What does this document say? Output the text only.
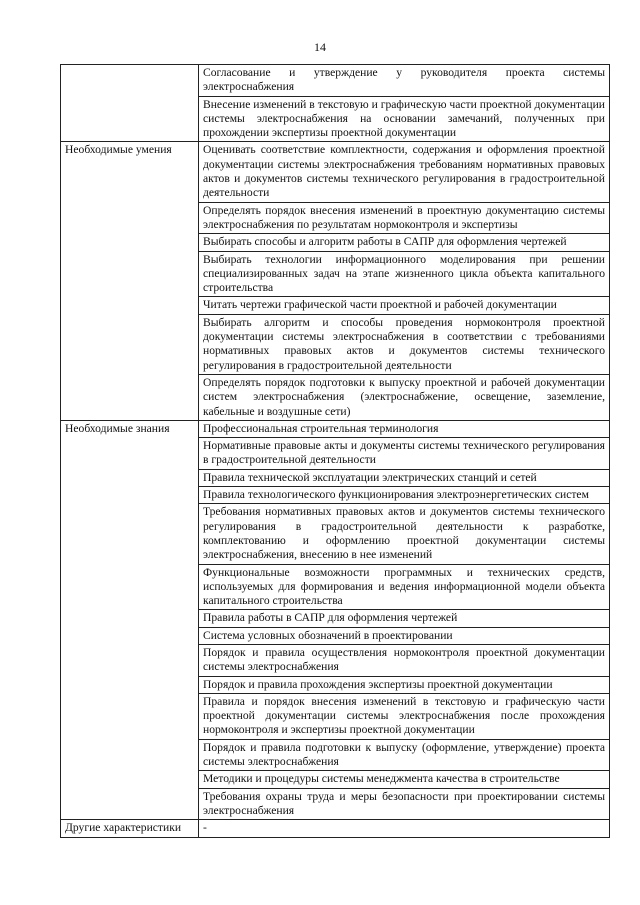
14
	Согласование и утверждение у руководителя проекта системы электроснабжения
	Внесение изменений в текстовую и графическую части проектной документации системы электроснабжения на основании замечаний, полученных при прохождении экспертизы проектной документации
Необходимые умения	Оценивать соответствие комплектности, содержания и оформления проектной документации системы электроснабжения требованиям нормативных правовых актов и документов системы технического регулирования в градостроительной деятельности
	Определять порядок внесения изменений в проектную документацию системы электроснабжения по результатам нормоконтроля и экспертизы
	Выбирать способы и алгоритм работы в САПР для оформления чертежей
	Выбирать технологии информационного моделирования при решении специализированных задач на этапе жизненного цикла объекта капитального строительства
	Читать чертежи графической части проектной и рабочей документации
	Выбирать алгоритм и способы проведения нормоконтроля проектной документации системы электроснабжения в соответствии с требованиями нормативных правовых актов и документов системы технического регулирования в градостроительной деятельности
	Определять порядок подготовки к выпуску проектной и рабочей документации систем электроснабжения (электроснабжение, освещение, заземление, кабельные и воздушные сети)
Необходимые знания	Профессиональная строительная терминология
	Нормативные правовые акты и документы системы технического регулирования в градостроительной деятельности
	Правила технической эксплуатации электрических станций и сетей
	Правила технологического функционирования электроэнергетических систем
	Требования нормативных правовых актов и документов системы технического регулирования в градостроительной деятельности к разработке, комплектованию и оформлению проектной документации системы электроснабжения, внесению в нее изменений
	Функциональные возможности программных и технических средств, используемых для формирования и ведения информационной модели объекта капитального строительства
	Правила работы в САПР для оформления чертежей
	Система условных обозначений в проектировании
	Порядок и правила осуществления нормоконтроля проектной документации системы электроснабжения
	Порядок и правила прохождения экспертизы проектной документации
	Правила и порядок внесения изменений в текстовую и графическую части проектной документации системы электроснабжения после прохождения нормоконтроля и экспертизы проектной документации
	Порядок и правила подготовки к выпуску (оформление, утверждение) проекта системы электроснабжения
	Методики и процедуры системы менеджмента качества в строительстве
	Требования охраны труда и меры безопасности при проектировании системы электроснабжения
Другие характеристики	-
